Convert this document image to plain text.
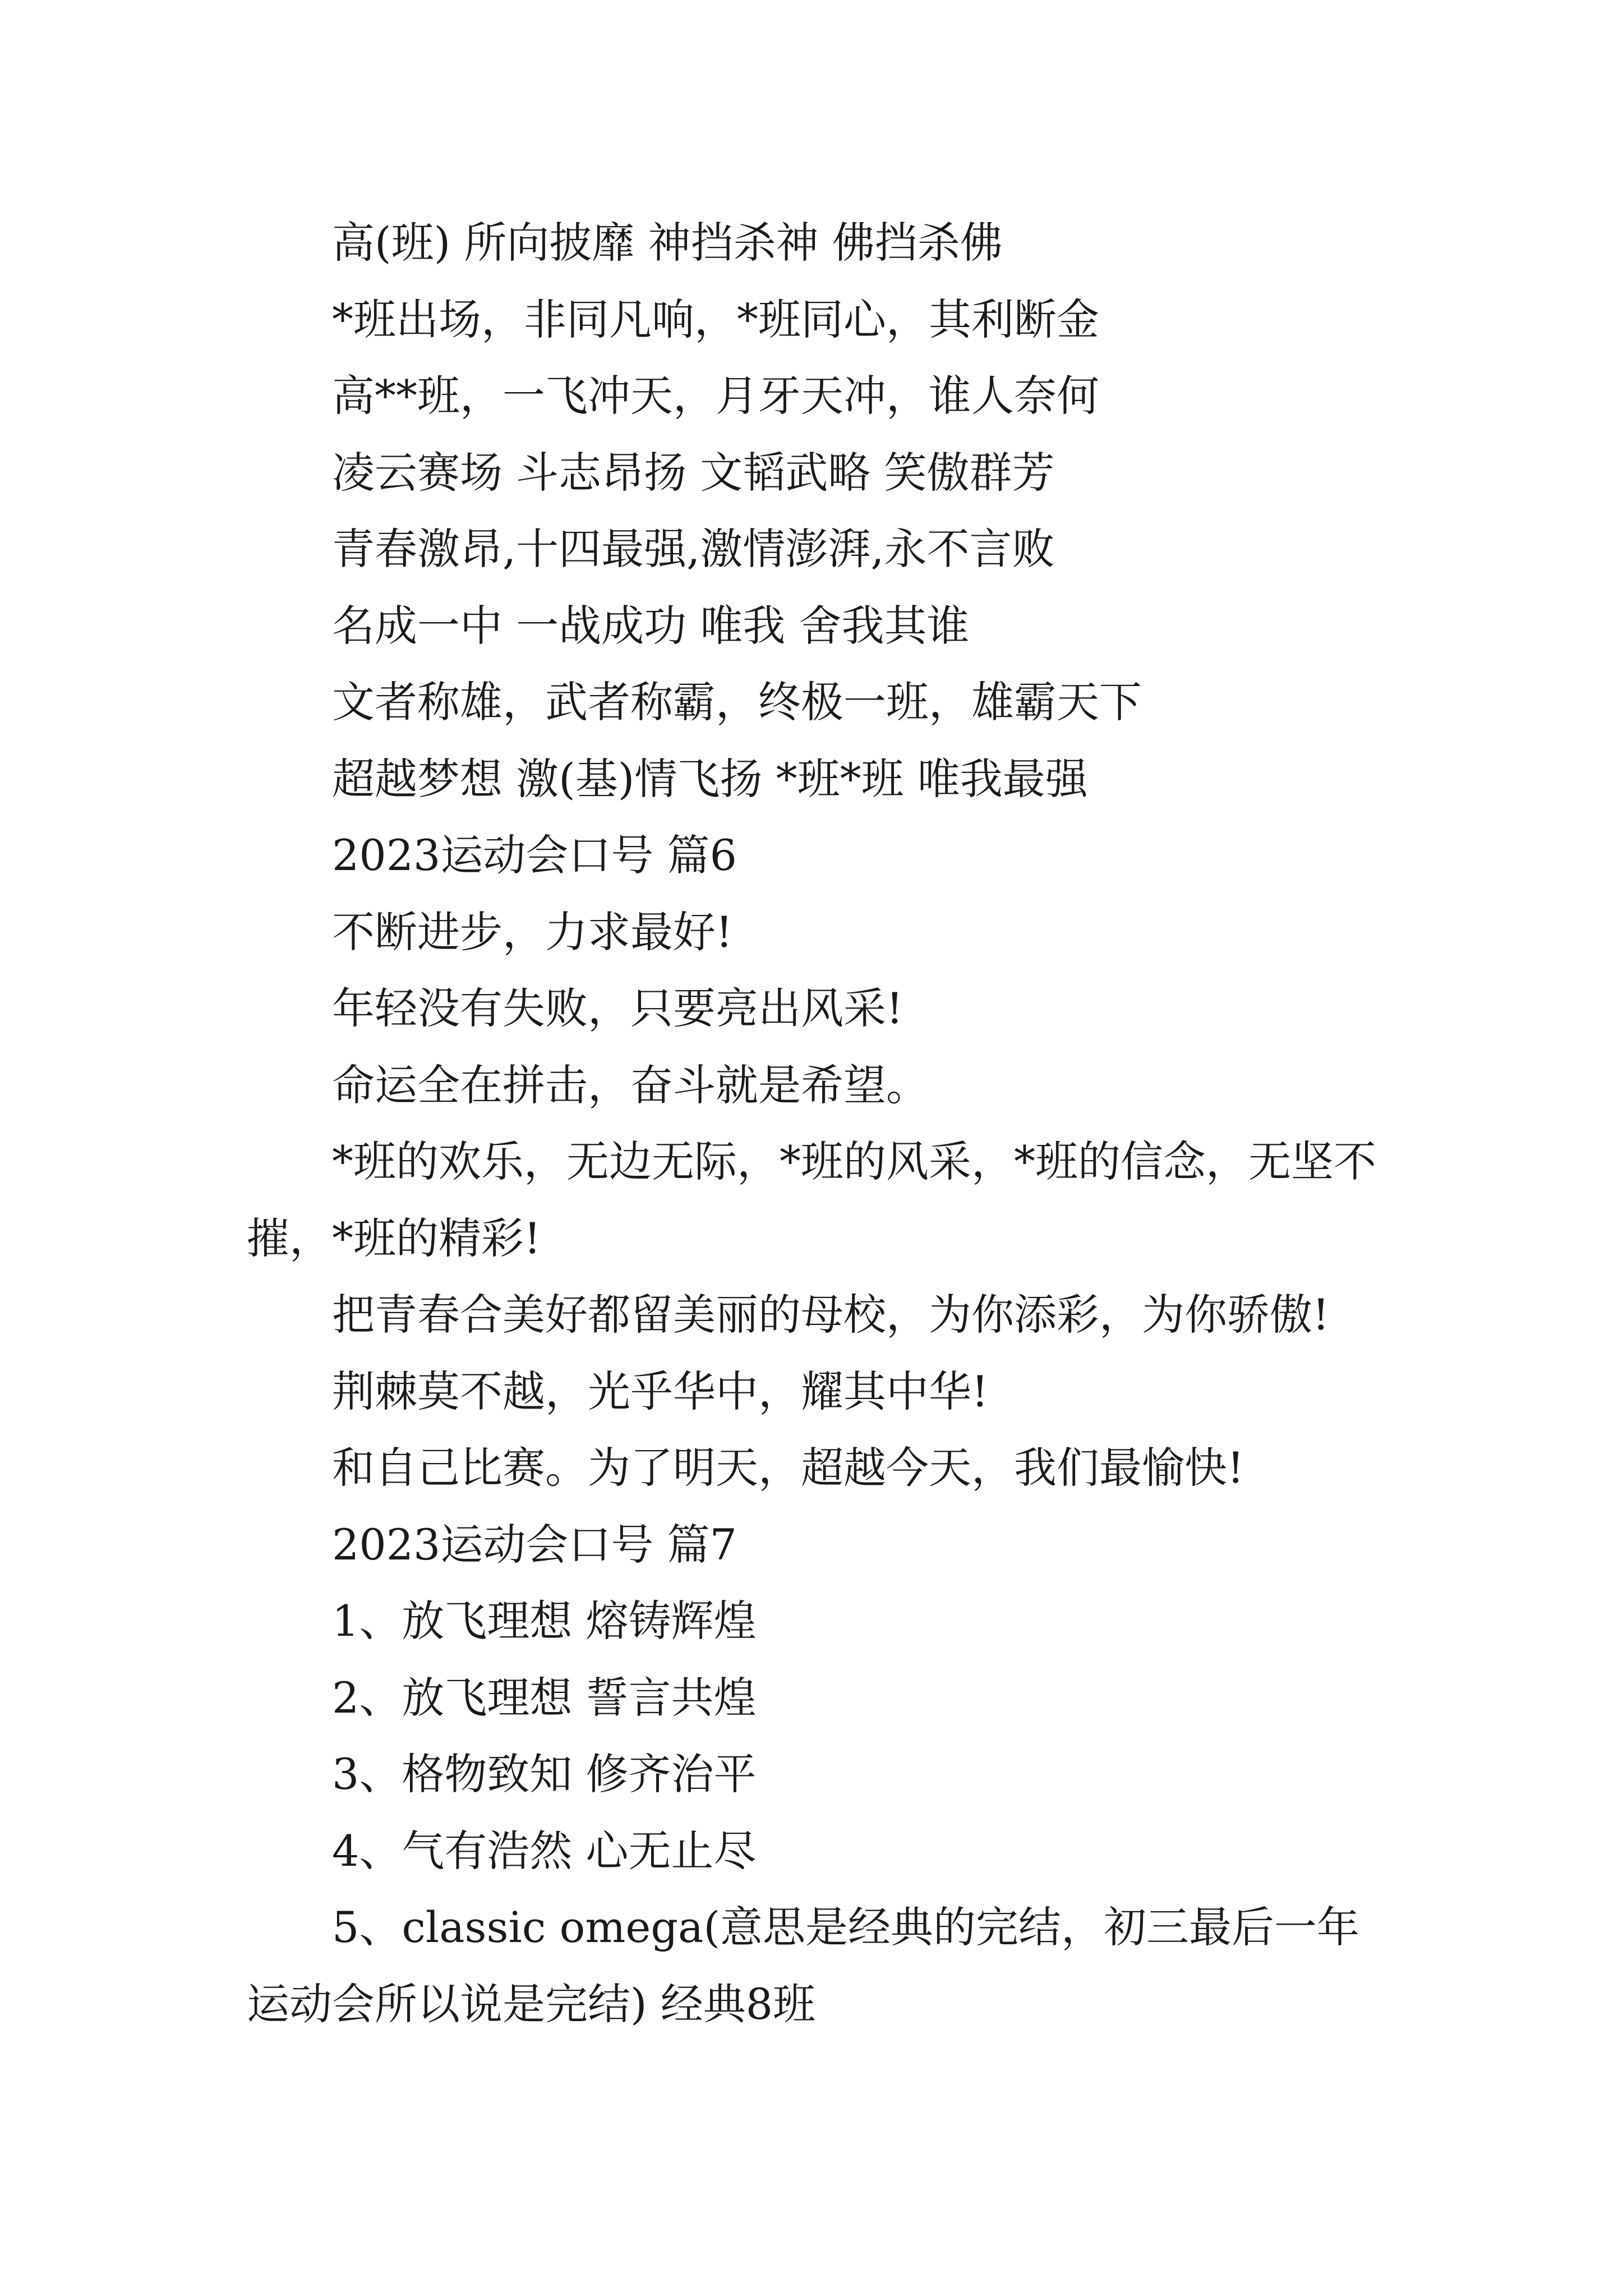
高(班) 所向披靡 神挡杀神 佛挡杀佛

*班出场，非同凡响，*班同心，其利断金

高**班，一飞冲天，月牙天冲，谁人奈何

凌云赛场 斗志昂扬 文韬武略 笑傲群芳

青春激昂,十四最强,激情澎湃,永不言败

名成一中 一战成功 唯我 舍我其谁

文者称雄，武者称霸，终极一班，雄霸天下

超越梦想 激(基)情飞扬 *班*班 唯我最强

2023运动会口号 篇6

不断进步，力求最好!

年轻没有失败，只要亮出风采!

命运全在拼击，奋斗就是希望。

*班的欢乐，无边无际，*班的风采，*班的信念，无坚不摧，*班的精彩!

把青春合美好都留美丽的母校，为你添彩，为你骄傲!

荆棘莫不越，光乎华中，耀其中华!

和自己比赛。为了明天，超越今天，我们最愉快!

2023运动会口号 篇7

1、放飞理想 熔铸辉煌

2、放飞理想 誓言共煌

3、格物致知 修齐治平

4、气有浩然 心无止尽

5、classic omega(意思是经典的完结，初三最后一年运动会所以说是完结) 经典8班
